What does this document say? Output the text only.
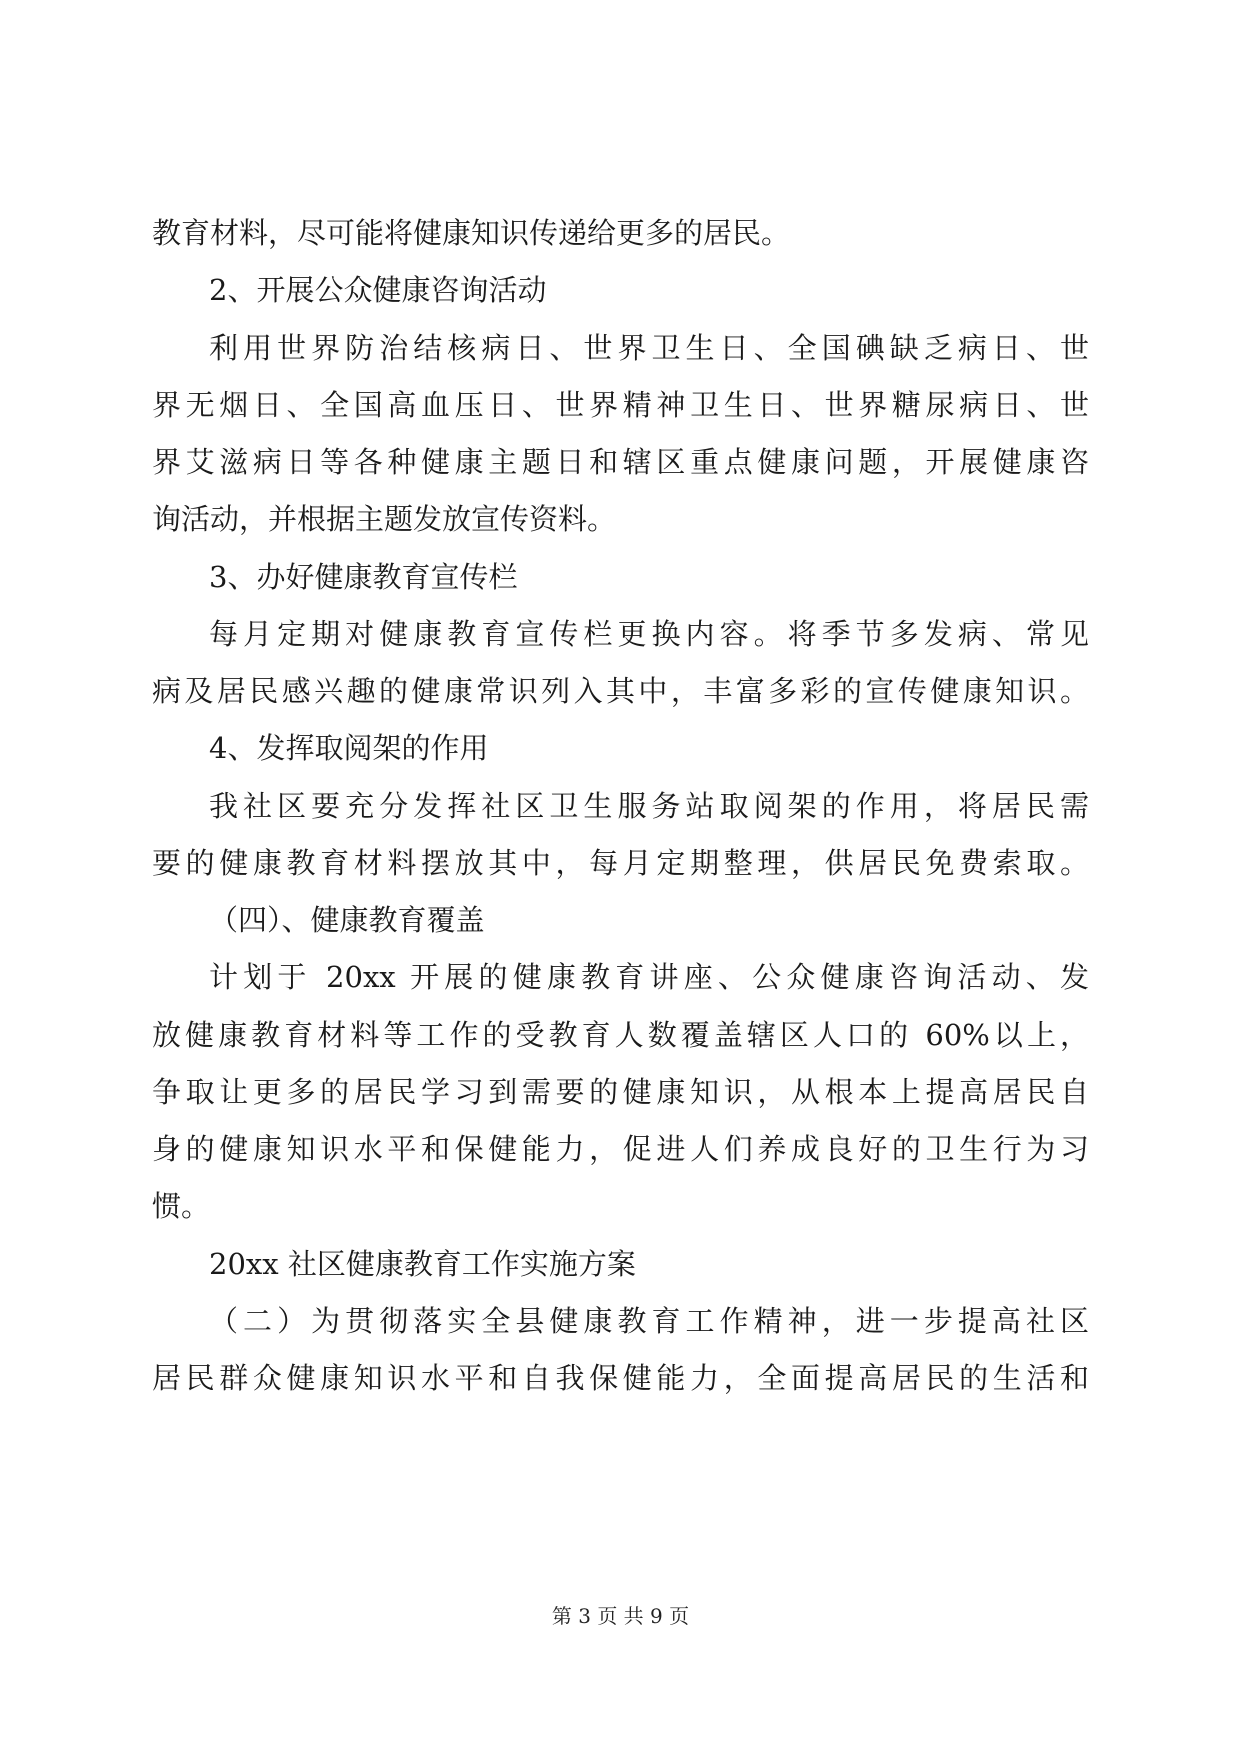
教育材料，尽可能将健康知识传递给更多的居民。
2、开展公众健康咨询活动
利用世界防治结核病日、世界卫生日、全国碘缺乏病日、世
界无烟日、全国高血压日、世界精神卫生日、世界糖尿病日、世
界艾滋病日等各种健康主题日和辖区重点健康问题，开展健康咨
询活动，并根据主题发放宣传资料。
3、办好健康教育宣传栏
每月定期对健康教育宣传栏更换内容。将季节多发病、常见
病及居民感兴趣的健康常识列入其中，丰富多彩的宣传健康知识。
4、发挥取阅架的作用
我社区要充分发挥社区卫生服务站取阅架的作用，将居民需
要的健康教育材料摆放其中，每月定期整理，供居民免费索取。
（四）、健康教育覆盖
计划于 20xx 开展的健康教育讲座、公众健康咨询活动、发
放健康教育材料等工作的受教育人数覆盖辖区人口的 60%以上，
争取让更多的居民学习到需要的健康知识，从根本上提高居民自
身的健康知识水平和保健能力，促进人们养成良好的卫生行为习
惯。
20xx 社区健康教育工作实施方案
（二）为贯彻落实全县健康教育工作精神，进一步提高社区
居民群众健康知识水平和自我保健能力，全面提高居民的生活和
第 3 页 共 9 页
